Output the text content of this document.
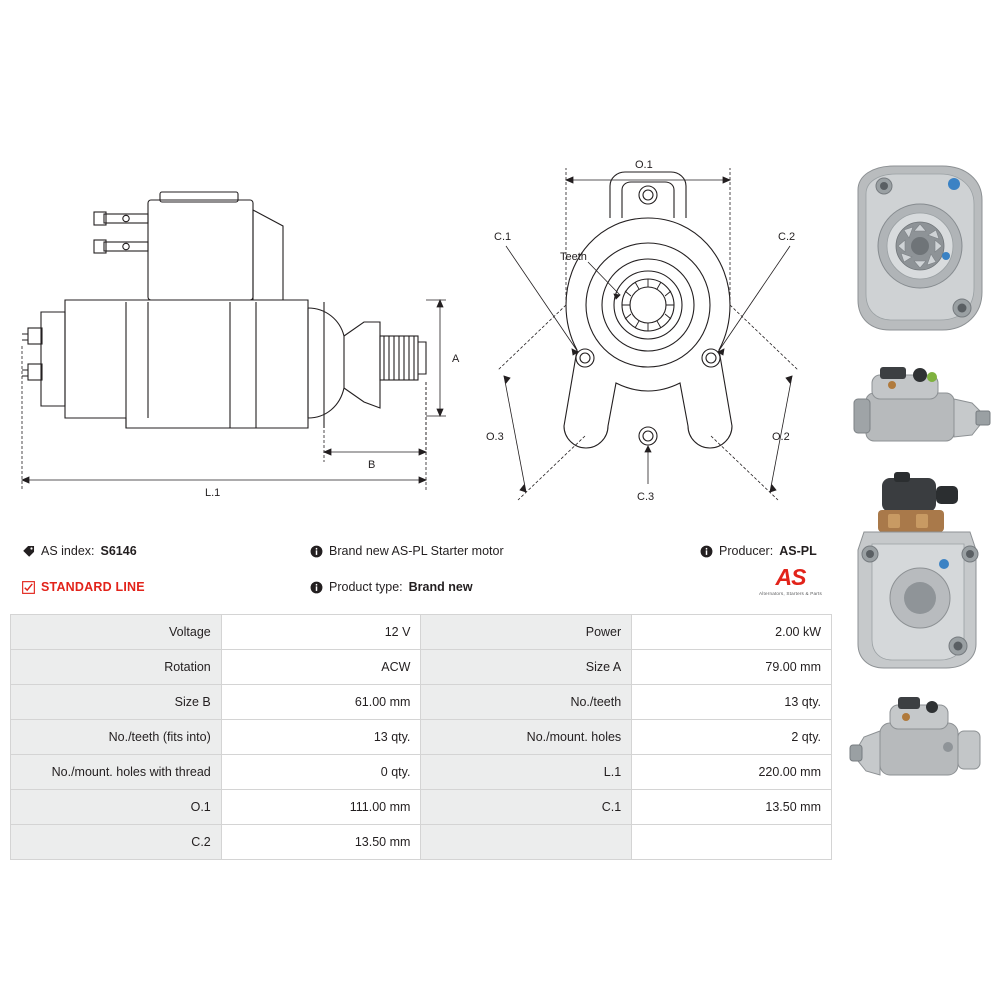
A
B
L.1
O.1
O.3	O.2
C.1	C.2
C.3
Teeth

AS index: S6146
STANDARD LINE
Brand new AS-PL Starter motor
Product type: Brand new
Producer: AS-PL
AS
Alternators, Starters & Parts
Voltage	12 V	Power	2.00 kW
Rotation	ACW	Size A	79.00 mm
Size B	61.00 mm	No./teeth	13 qty.
No./teeth (fits into)	13 qty.	No./mount. holes	2 qty.
No./mount. holes with thread	0 qty.	L.1	220.00 mm
O.1	111.00 mm	C.1	13.50 mm
C.2	13.50 mm		
